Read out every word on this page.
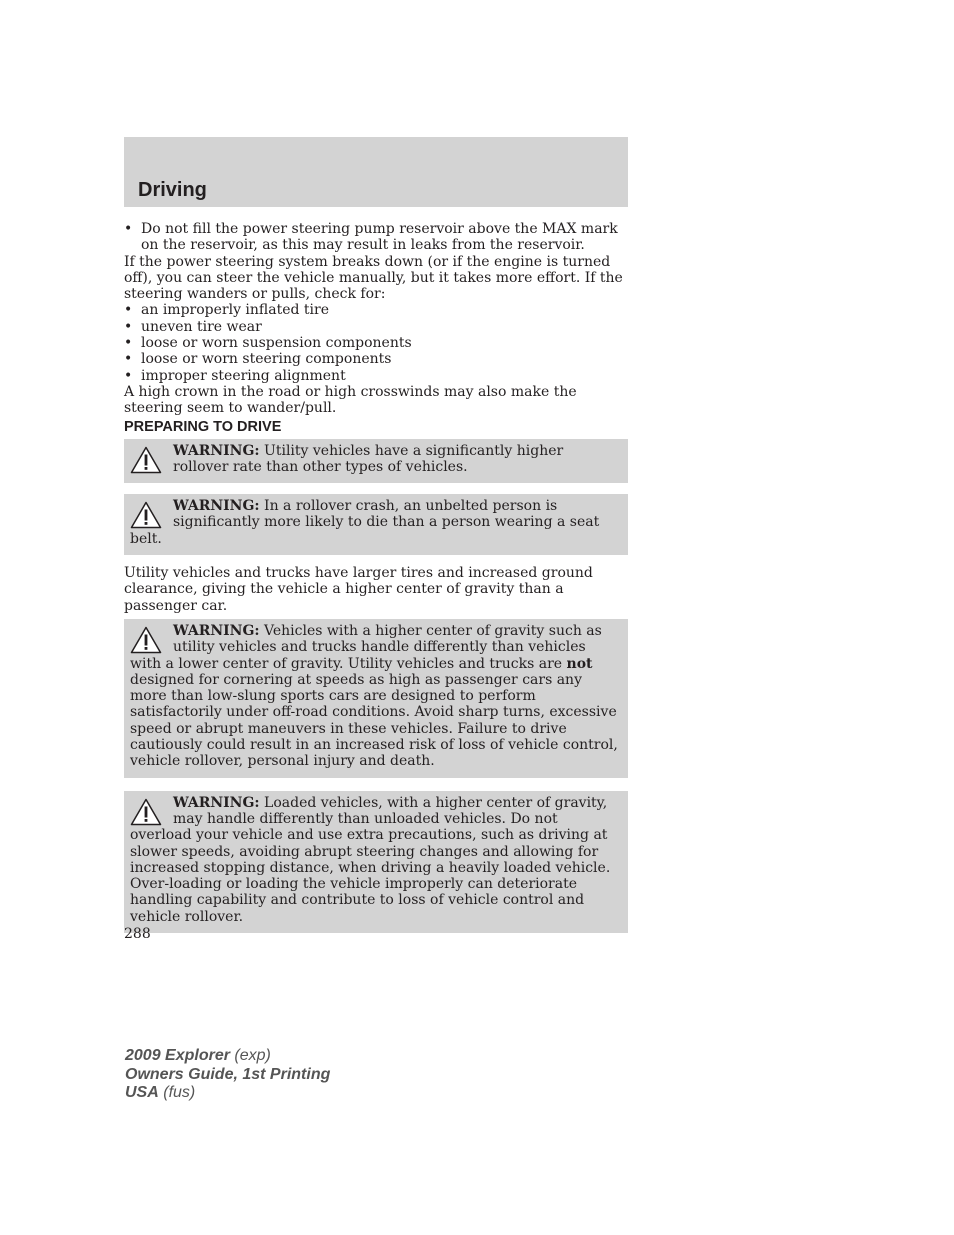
Driving
• Do not fill the power steering pump reservoir above the MAX mark on the reservoir, as this may result in leaks from the reservoir.

If the power steering system breaks down (or if the engine is turned off), you can steer the vehicle manually, but it takes more effort. If the steering wanders or pulls, check for:

• an improperly inflated tire
• uneven tire wear
• loose or worn suspension components
• loose or worn steering components
• improper steering alignment

A high crown in the road or high crosswinds may also make the steering seem to wander/pull.

PREPARING TO DRIVE
WARNING: Utility vehicles have a significantly higher rollover rate than other types of vehicles.
WARNING: In a rollover crash, an unbelted person is significantly more likely to die than a person wearing a seat belt.

Utility vehicles and trucks have larger tires and increased ground clearance, giving the vehicle a higher center of gravity than a passenger car.

WARNING: Vehicles with a higher center of gravity such as utility vehicles and trucks handle differently than vehicles with a lower center of gravity. Utility vehicles and trucks are not designed for cornering at speeds as high as passenger cars any more than low-slung sports cars are designed to perform satisfactorily under off-road conditions. Avoid sharp turns, excessive speed or abrupt maneuvers in these vehicles. Failure to drive cautiously could result in an increased risk of loss of vehicle control, vehicle rollover, personal injury and death.
WARNING: Loaded vehicles, with a higher center of gravity, may handle differently than unloaded vehicles. Do not overload your vehicle and use extra precautions, such as driving at slower speeds, avoiding abrupt steering changes and allowing for increased stopping distance, when driving a heavily loaded vehicle. Over-loading or loading the vehicle improperly can deteriorate handling capability and contribute to loss of vehicle control and vehicle rollover.
288
2009 Explorer (exp)
Owners Guide, 1st Printing
USA (fus)
